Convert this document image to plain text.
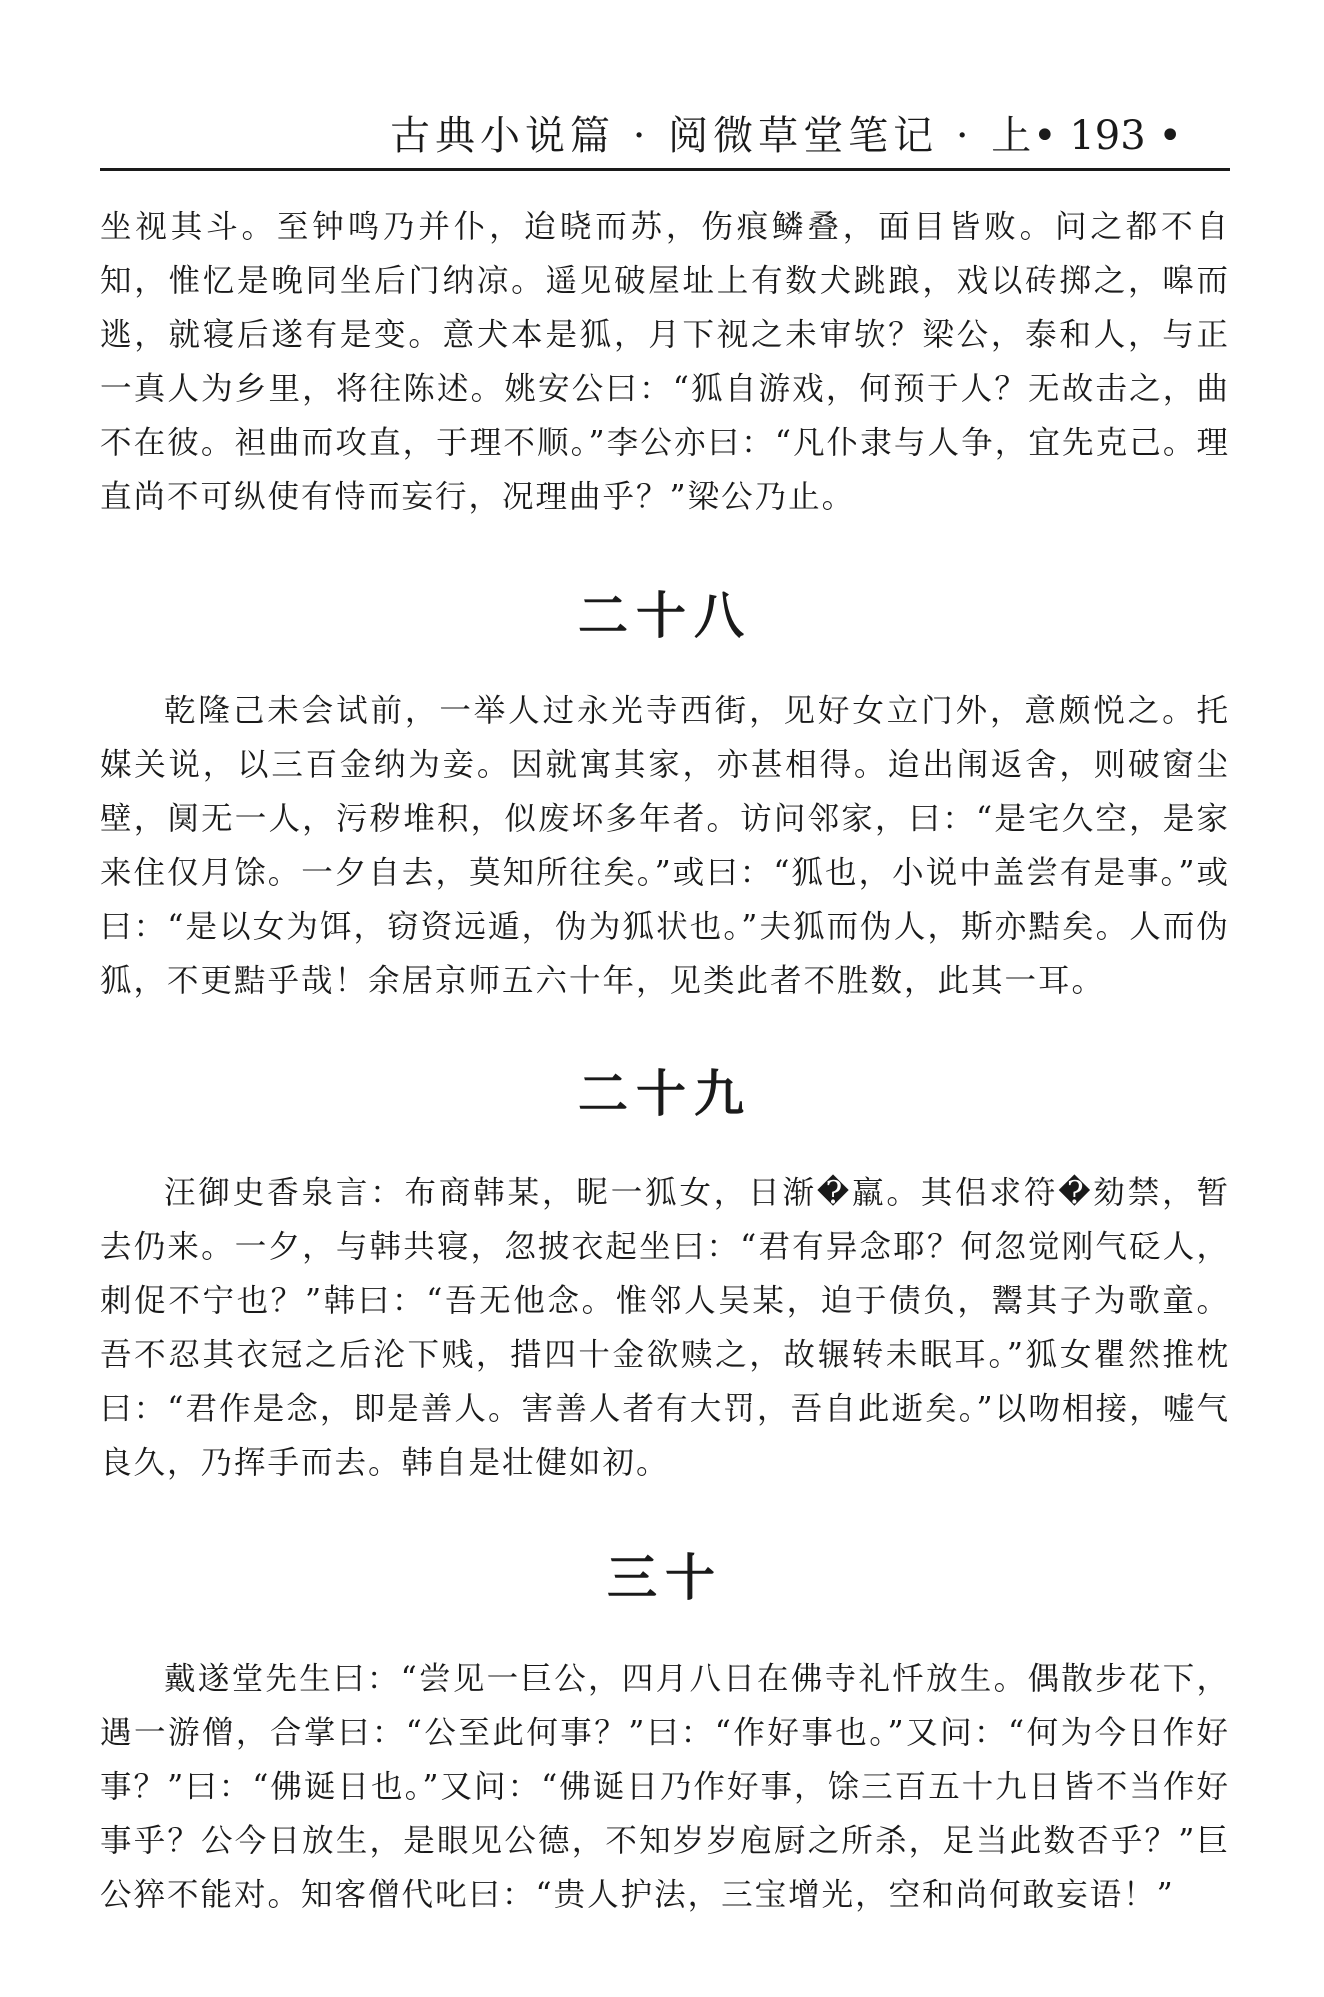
古典小说篇 · 阅微草堂笔记 · 上
• 193 •

坐视其斗。至钟鸣乃并仆，迨晓而苏，伤痕鳞叠，面目皆败。问之都不自知，惟忆是晚同坐后门纳凉。遥见破屋址上有数犬跳踉，戏以砖掷之，嗥而逃，就寝后遂有是变。意犬本是狐，月下视之未审欤？梁公，泰和人，与正一真人为乡里，将往陈述。姚安公曰：“狐自游戏，何预于人？无故击之，曲不在彼。袒曲而攻直，于理不顺。”李公亦曰：“凡仆隶与人争，宜先克己。理直尚不可纵使有恃而妄行，况理曲乎？”梁公乃止。

二十八

乾隆己未会试前，一举人过永光寺西街，见好女立门外，意颇悦之。托媒关说，以三百金纳为妾。因就寓其家，亦甚相得。迨出闱返舍，则破窗尘壁，阒无一人，污秽堆积，似废坏多年者。访问邻家，曰：“是宅久空，是家来住仅月馀。一夕自去，莫知所往矣。”或曰：“狐也，小说中盖尝有是事。”或曰：“是以女为饵，窃资远遁，伪为狐状也。”夫狐而伪人，斯亦黠矣。人而伪狐，不更黠乎哉！余居京师五六十年，见类此者不胜数，此其一耳。

二十九

汪御史香泉言：布商韩某，昵一狐女，日渐�羸。其侣求符�劾禁，暂去仍来。一夕，与韩共寝，忽披衣起坐曰：“君有异念耶？何忽觉刚气砭人，刺促不宁也？”韩曰：“吾无他念。惟邻人吴某，迫于债负，鬻其子为歌童。吾不忍其衣冠之后沦下贱，措四十金欲赎之，故辗转未眠耳。”狐女瞿然推枕曰：“君作是念，即是善人。害善人者有大罚，吾自此逝矣。”以吻相接，嘘气良久，乃挥手而去。韩自是壮健如初。

三十

戴遂堂先生曰：“尝见一巨公，四月八日在佛寺礼忏放生。偶散步花下，遇一游僧，合掌曰：“公至此何事？”曰：“作好事也。”又问：“何为今日作好事？”曰：“佛诞日也。”又问：“佛诞日乃作好事，馀三百五十九日皆不当作好事乎？公今日放生，是眼见公德，不知岁岁庖厨之所杀，足当此数否乎？”巨公猝不能对。知客僧代叱曰：“贵人护法，三宝增光，空和尚何敢妄语！”
